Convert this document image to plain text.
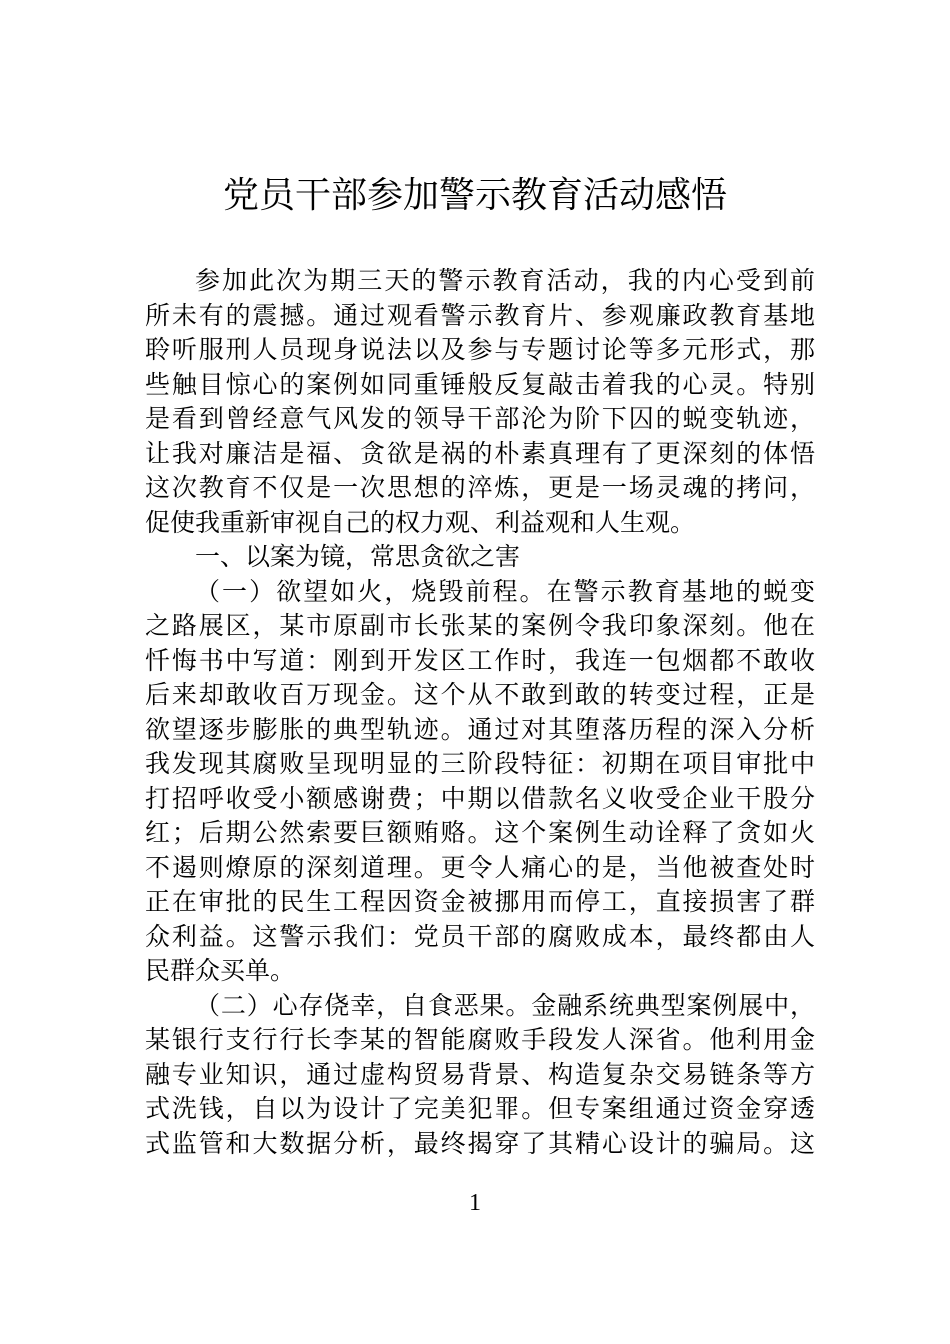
党员干部参加警示教育活动感悟
参加此次为期三天的警示教育活动，我的内心受到前
所未有的震撼。通过观看警示教育片、参观廉政教育基地
聆听服刑人员现身说法以及参与专题讨论等多元形式，那
些触目惊心的案例如同重锤般反复敲击着我的心灵。特别
是看到曾经意气风发的领导干部沦为阶下囚的蜕变轨迹，
让我对廉洁是福、贪欲是祸的朴素真理有了更深刻的体悟
这次教育不仅是一次思想的淬炼，更是一场灵魂的拷问，
促使我重新审视自己的权力观、利益观和人生观。
一、以案为镜，常思贪欲之害
（一）欲望如火，烧毁前程。在警示教育基地的蜕变
之路展区，某市原副市长张某的案例令我印象深刻。他在
忏悔书中写道：刚到开发区工作时，我连一包烟都不敢收
后来却敢收百万现金。这个从不敢到敢的转变过程，正是
欲望逐步膨胀的典型轨迹。通过对其堕落历程的深入分析
我发现其腐败呈现明显的三阶段特征：初期在项目审批中
打招呼收受小额感谢费；中期以借款名义收受企业干股分
红；后期公然索要巨额贿赂。这个案例生动诠释了贪如火
不遏则燎原的深刻道理。更令人痛心的是，当他被查处时
正在审批的民生工程因资金被挪用而停工，直接损害了群
众利益。这警示我们：党员干部的腐败成本，最终都由人
民群众买单。
（二）心存侥幸，自食恶果。金融系统典型案例展中，
某银行支行行长李某的智能腐败手段发人深省。他利用金
融专业知识，通过虚构贸易背景、构造复杂交易链条等方
式洗钱，自以为设计了完美犯罪。但专案组通过资金穿透
式监管和大数据分析，最终揭穿了其精心设计的骗局。这
1
